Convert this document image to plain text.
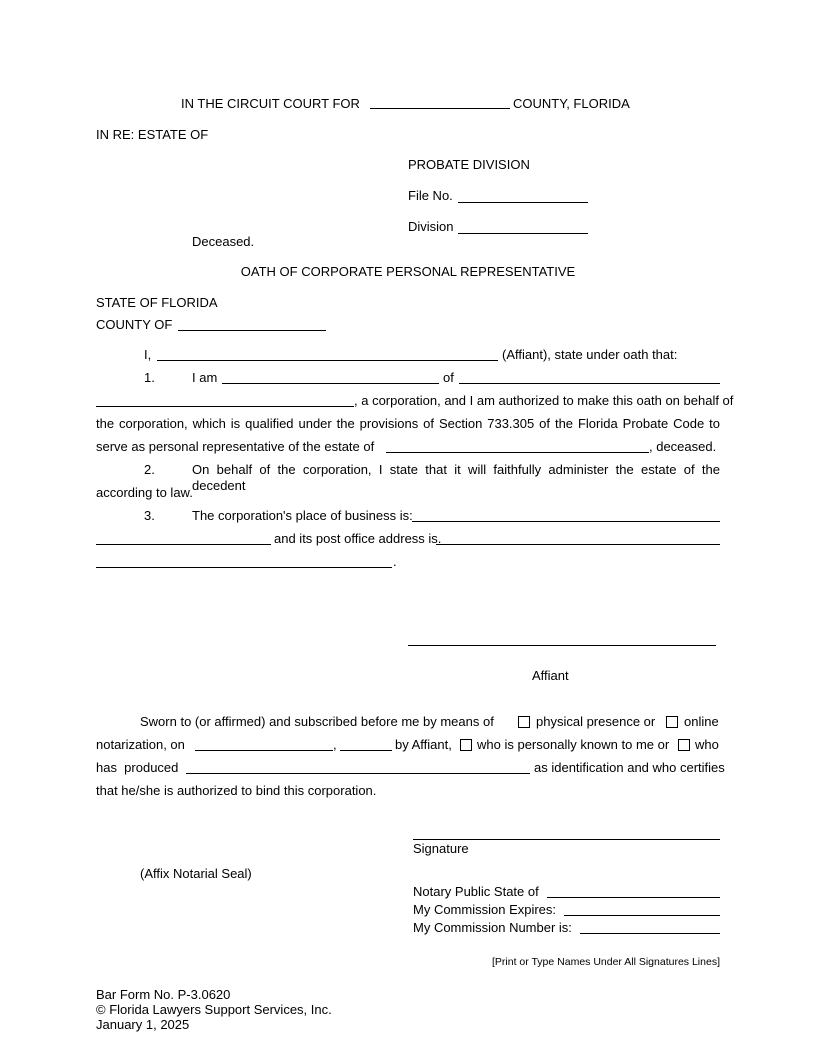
IN THE CIRCUIT COURT FOR	COUNTY, FLORIDA
IN RE: ESTATE OF
PROBATE DIVISION
File No.
Division
Deceased.
OATH OF CORPORATE PERSONAL REPRESENTATIVE
STATE OF FLORIDA
COUNTY OF
I,	(Affiant), state under oath that:
1.	I am	of
, a corporation, and I am authorized to make this oath on behalf of
the corporation, which is qualified under the provisions of Section 733.305 of the Florida Probate Code to
serve as personal representative of the estate of	, deceased.
2.	On behalf of the corporation, I state that it will faithfully administer the estate of the decedent
according to law.
3.	The corporation's place of business is:
and its post office address is.
.
Affiant
Sworn to (or affirmed) and subscribed before me by means of	physical presence or online
notarization, on	,	by Affiant, who is personally known to me or who
has  produced	as identification and who certifies
that he/she is authorized to bind this corporation.
Signature
(Affix Notarial Seal)
Notary Public State of
My Commission Expires:
My Commission Number is:
[Print or Type Names Under All Signatures Lines]
Bar Form No. P-3.0620
© Florida Lawyers Support Services, Inc.
January 1, 2025
